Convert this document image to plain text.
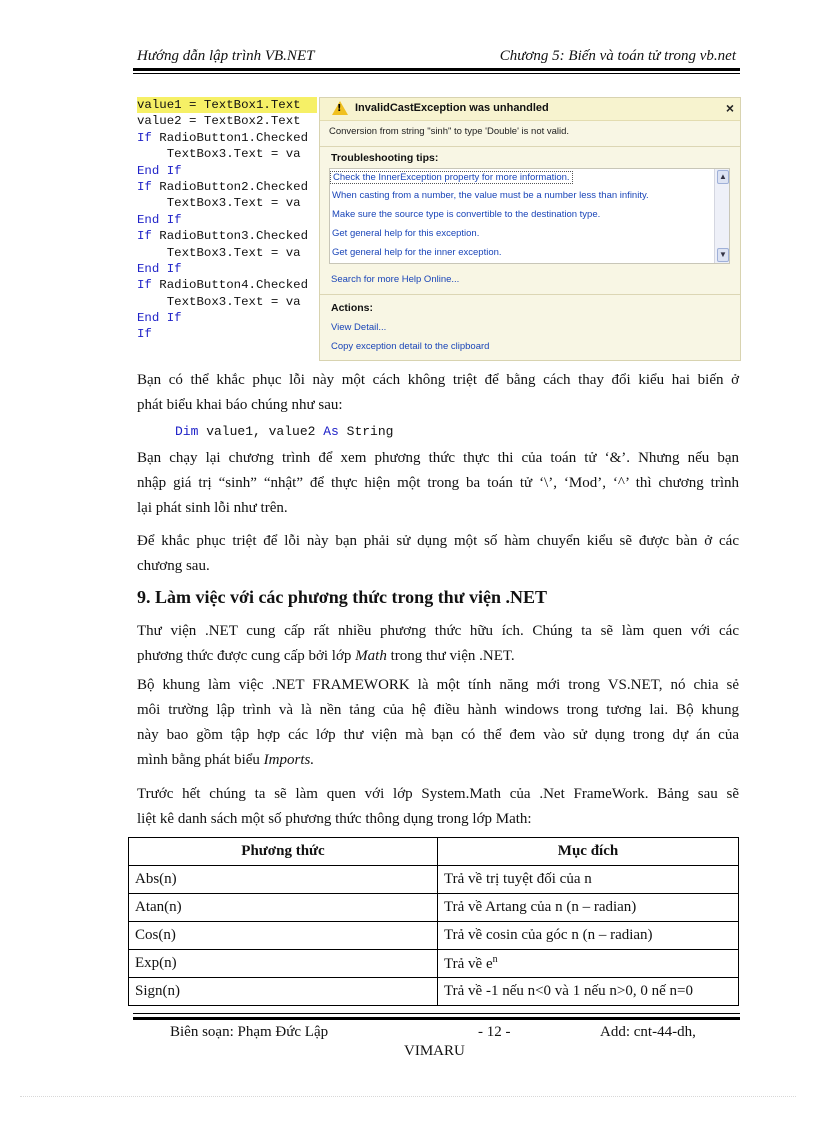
Hướng dẫn lập trình VB.NET	Chương 5: Biến và toán tử trong vb.net
value1 = TextBox1.Text
value2 = TextBox2.Text
If RadioButton1.Checked
TextBox3.Text = va
End If
If RadioButton2.Checked
TextBox3.Text = va
End If
If RadioButton3.Checked
TextBox3.Text = va
End If
If RadioButton4.Checked
TextBox3.Text = va
End If
If
! InvalidCastException was unhandled	×
Conversion from string "sinh" to type 'Double' is not valid.
Troubleshooting tips:
Check the InnerException property for more information.
When casting from a number, the value must be a number less than infinity.
Make sure the source type is convertible to the destination type.
Get general help for this exception.
Get general help for the inner exception.
▲
▼
Search for more Help Online...
Actions:
View Detail...
Copy exception detail to the clipboard
Bạn có thể khắc phục lỗi này một cách không triệt để bằng cách thay đổi kiểu hai biến ở
phát biểu khai báo chúng như sau:
Dim value1, value2 As String
Bạn chạy lại chương trình để xem phương thức thực thi của toán tử ‘&’. Nhưng nếu bạn
nhập giá trị “sinh” “nhật” để thực hiện một trong ba toán tử ‘\’, ‘Mod’, ‘^’ thì chương trình
lại phát sinh lỗi như trên.
Để khắc phục triệt để lỗi này bạn phải sử dụng một số hàm chuyển kiểu sẽ được bàn ở các
chương sau.
9. Làm việc với các phương thức trong thư viện .NET
Thư viện .NET cung cấp rất nhiều phương thức hữu ích. Chúng ta sẽ làm quen với các
phương thức được cung cấp bởi lớp Math trong thư viện .NET.
Bộ khung làm việc .NET FRAMEWORK là một tính năng mới trong VS.NET, nó chia sẻ
môi trường lập trình và là nền tảng của hệ điều hành windows trong tương lai. Bộ khung
này bao gồm tập hợp các lớp thư viện mà bạn có thể đem vào sử dụng trong dự án của
mình bằng phát biểu Imports.
Trước hết chúng ta sẽ làm quen với lớp System.Math của .Net FrameWork. Bảng sau sẽ
liệt kê danh sách một số phương thức thông dụng trong lớp Math:
Phương thức	Mục đích
Abs(n)	Trả về trị tuyệt đối của n
Atan(n)	Trả về Artang của n (n – radian)
Cos(n)	Trả về cosin của góc n (n – radian)
Exp(n)	Trả về $e^n$
Sign(n)	Trả về -1 nếu n<0 và 1 nếu n>0, 0 nế n=0
Biên soạn: Phạm Đức Lập	- 12 -	Add: cnt-44-dh,
VIMARU
